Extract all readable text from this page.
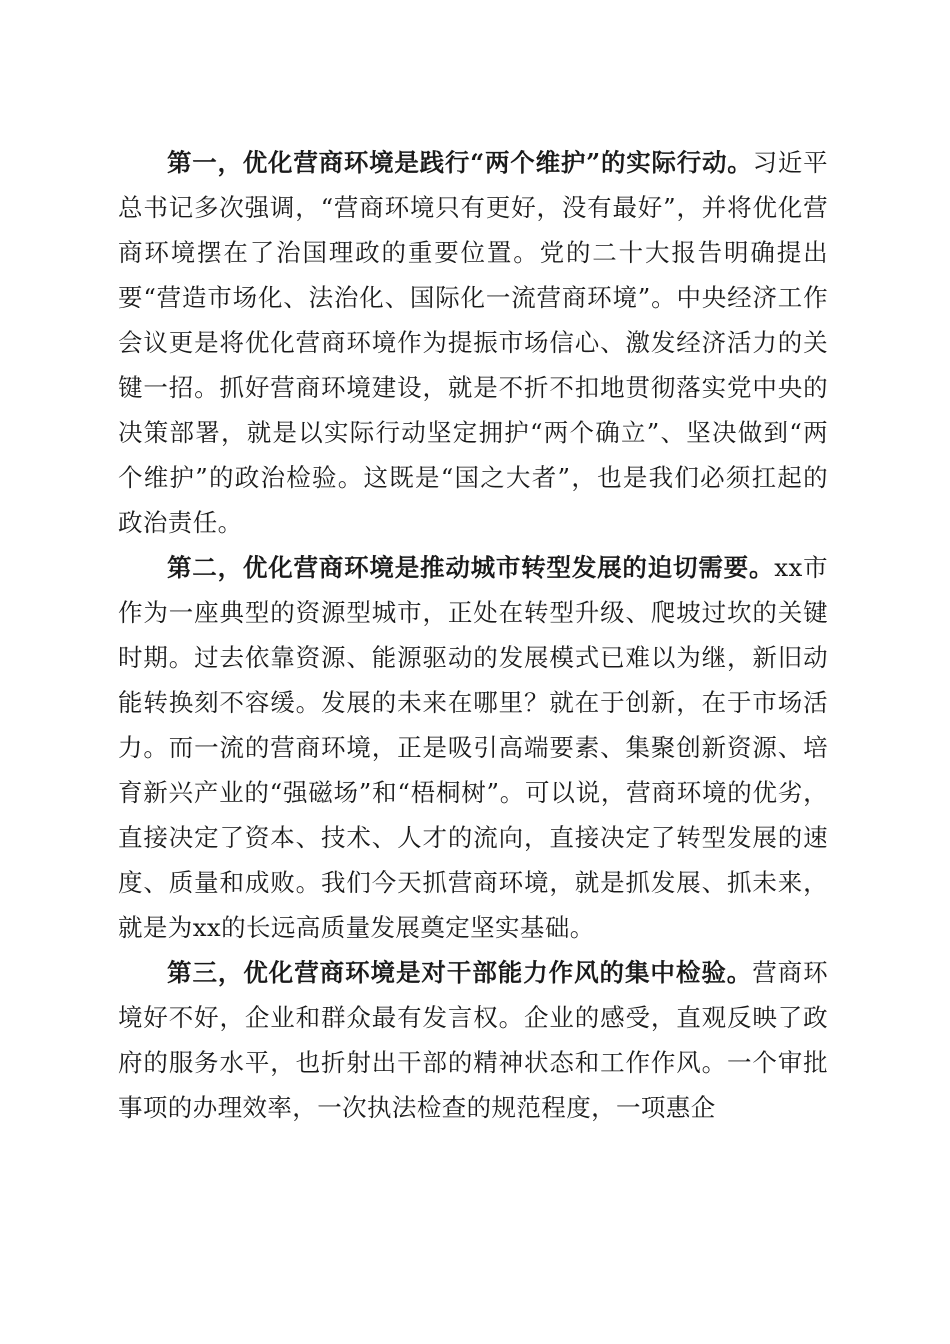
第一，优化营商环境是践行“两个维护”的实际行动。习近平总书记多次强调，“营商环境只有更好，没有最好”，并将优化营商环境摆在了治国理政的重要位置。党的二十大报告明确提出要“营造市场化、法治化、国际化一流营商环境”。中央经济工作会议更是将优化营商环境作为提振市场信心、激发经济活力的关键一招。抓好营商环境建设，就是不折不扣地贯彻落实党中央的决策部署，就是以实际行动坚定拥护“两个确立”、坚决做到“两个维护”的政治检验。这既是“国之大者”，也是我们必须扛起的政治责任。

第二，优化营商环境是推动城市转型发展的迫切需要。xx市作为一座典型的资源型城市，正处在转型升级、爬坡过坎的关键时期。过去依靠资源、能源驱动的发展模式已难以为继，新旧动能转换刻不容缓。发展的未来在哪里？就在于创新，在于市场活力。而一流的营商环境，正是吸引高端要素、集聚创新资源、培育新兴产业的“强磁场”和“梧桐树”。可以说，营商环境的优劣，直接决定了资本、技术、人才的流向，直接决定了转型发展的速度、质量和成败。我们今天抓营商环境，就是抓发展、抓未来，就是为xx的长远高质量发展奠定坚实基础。

第三，优化营商环境是对干部能力作风的集中检验。营商环境好不好，企业和群众最有发言权。企业的感受，直观反映了政府的服务水平，也折射出干部的精神状态和工作作风。一个审批事项的办理效率，一次执法检查的规范程度，一项惠企
